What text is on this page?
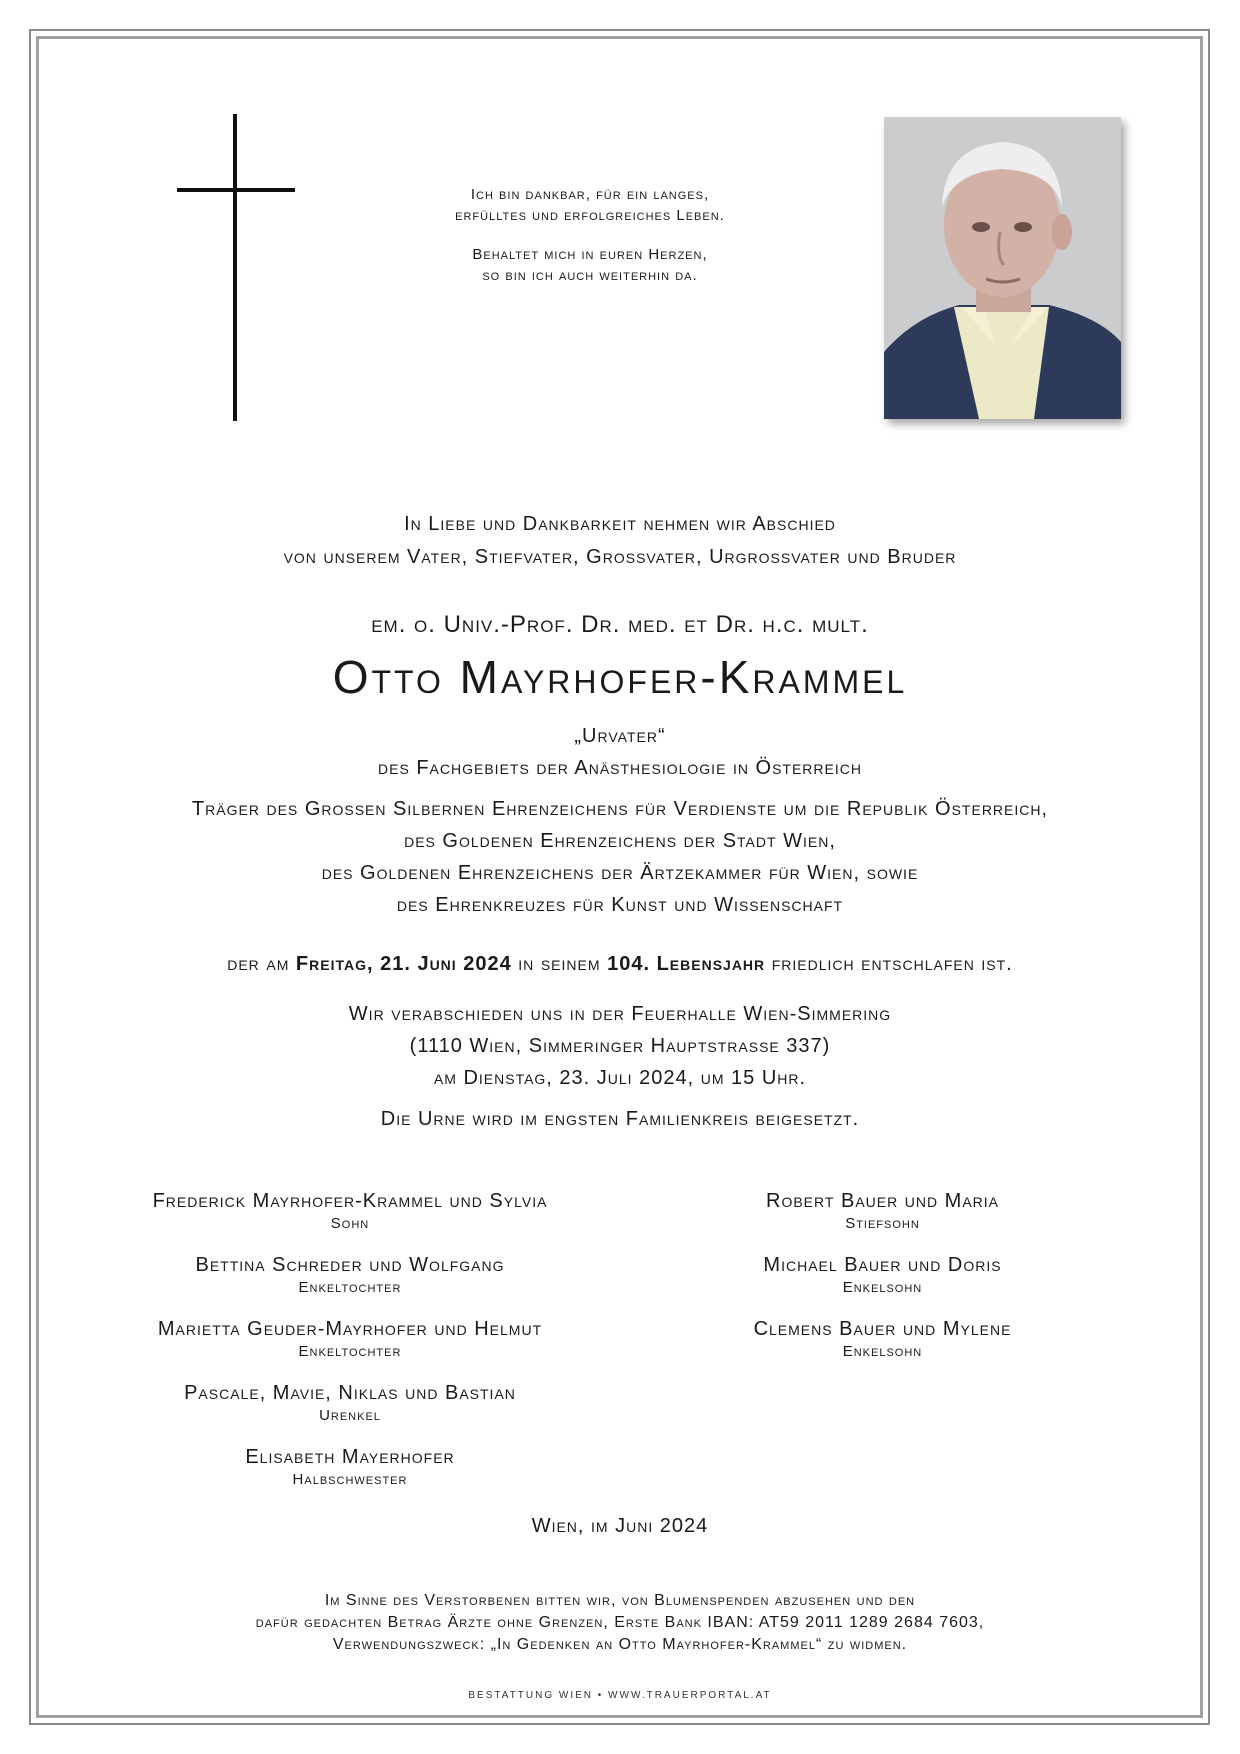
Ich bin dankbar, für ein langes,
erfülltes und erfolgreiches Leben.

Behaltet mich in euren Herzen,
so bin ich auch weiterhin da.

In Liebe und Dankbarkeit nehmen wir Abschied
von unserem Vater, Stiefvater, Grossvater, Urgrossvater und Bruder
em. o. Univ.-Prof. Dr. med. et Dr. h.c. mult.
Otto Mayrhofer-Krammel
„Urvater“
des Fachgebiets der Anästhesiologie in Österreich
Träger des Grossen Silbernen Ehrenzeichens für Verdienste um die Republik Österreich,
des Goldenen Ehrenzeichens der Stadt Wien,
des Goldenen Ehrenzeichens der Ärtzekammer für Wien, sowie
des Ehrenkreuzes für Kunst und Wissenschaft
der am Freitag, 21. Juni 2024 in seinem 104. Lebensjahr friedlich entschlafen ist.
Wir verabschieden uns in der Feuerhalle Wien-Simmering
(1110 Wien, Simmeringer Hauptstrasse 337)
am Dienstag, 23. Juli 2024, um 15 Uhr.
Die Urne wird im engsten Familienkreis beigesetzt.
Frederick Mayrhofer-Krammel und Sylvia
Sohn
Bettina Schreder und Wolfgang
Enkeltochter
Marietta Geuder-Mayrhofer und Helmut
Enkeltochter
Pascale, Mavie, Niklas und Bastian
Urenkel
Elisabeth Mayerhofer
Halbschwester
Robert Bauer und Maria
Stiefsohn
Michael Bauer und Doris
Enkelsohn
Clemens Bauer und Mylene
Enkelsohn
Wien, im Juni 2024
Im Sinne des Verstorbenen bitten wir, von Blumenspenden abzusehen und den
dafür gedachten Betrag Ärzte ohne Grenzen, Erste Bank IBAN: AT59 2011 1289 2684 7603,
Verwendungszweck: „In Gedenken an Otto Mayrhofer-Krammel“ zu widmen.
BESTATTUNG WIEN • WWW.TRAUERPORTAL.AT
